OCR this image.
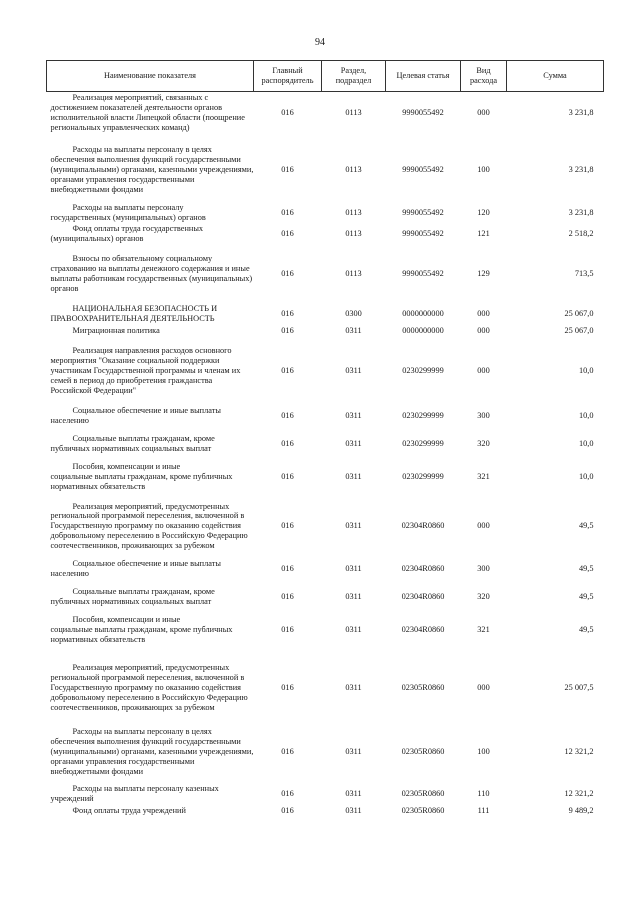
94
Наименование показателя	Главный распорядитель	Раздел, подраздел	Целевая статья	Вид расхода	Сумма

Реализация мероприятий, связанных с
достижением показателей деятельности органов исполнительной власти Липецкой области (поощрение региональных управленческих команд)	016	0113	9990055492	000	3 231,8

Расходы на выплаты персоналу в целях
обеспечения выполнения функций государственными (муниципальными) органами, казенными учреждениями, органами управления государственными внебюджетными фондами	016	0113	9990055492	100	3 231,8

Расходы на выплаты персоналу
государственных (муниципальных) органов	016	0113	9990055492	120	3 231,8

Фонд оплаты труда государственных
(муниципальных) органов	016	0113	9990055492	121	2 518,2

Взносы по обязательному социальному
страхованию на выплаты денежного содержания и иные выплаты работникам государственных (муниципальных) органов	016	0113	9990055492	129	713,5

НАЦИОНАЛЬНАЯ БЕЗОПАСНОСТЬ И
ПРАВООХРАНИТЕЛЬНАЯ ДЕЯТЕЛЬНОСТЬ	016	0300	0000000000	000	25 067,0

Миграционная политика	016	0311	0000000000	000	25 067,0

Реализация направления расходов основного
мероприятия "Оказание социальной поддержки участникам Государственной программы и членам их семей в период до приобретения гражданства Российской Федерации"	016	0311	0230299999	000	10,0

Социальное обеспечение и иные выплаты
населению	016	0311	0230299999	300	10,0

Социальные выплаты гражданам, кроме
публичных нормативных социальных выплат	016	0311	0230299999	320	10,0

Пособия, компенсации и иные
социальные выплаты гражданам, кроме публичных нормативных обязательств	016	0311	0230299999	321	10,0

Реализация мероприятий, предусмотренных
региональной программой переселения, включенной в Государственную программу по оказанию содействия добровольному переселению в Российскую Федерацию соотечественников, проживающих за рубежом	016	0311	02304R0860	000	49,5

Социальное обеспечение и иные выплаты
населению	016	0311	02304R0860	300	49,5

Социальные выплаты гражданам, кроме
публичных нормативных социальных выплат	016	0311	02304R0860	320	49,5

Пособия, компенсации и иные
социальные выплаты гражданам, кроме публичных нормативных обязательств	016	0311	02304R0860	321	49,5

Реализация мероприятий, предусмотренных
региональной программой переселения, включенной в Государственную программу по оказанию содействия добровольному переселению в Российскую Федерацию соотечественников, проживающих за рубежом	016	0311	02305R0860	000	25 007,5

Расходы на выплаты персоналу в целях
обеспечения выполнения функций государственными (муниципальными) органами, казенными учреждениями, органами управления государственными внебюджетными фондами	016	0311	02305R0860	100	12 321,2

Расходы на выплаты персоналу казенных
учреждений	016	0311	02305R0860	110	12 321,2

Фонд оплаты труда учреждений	016	0311	02305R0860	111	9 489,2
